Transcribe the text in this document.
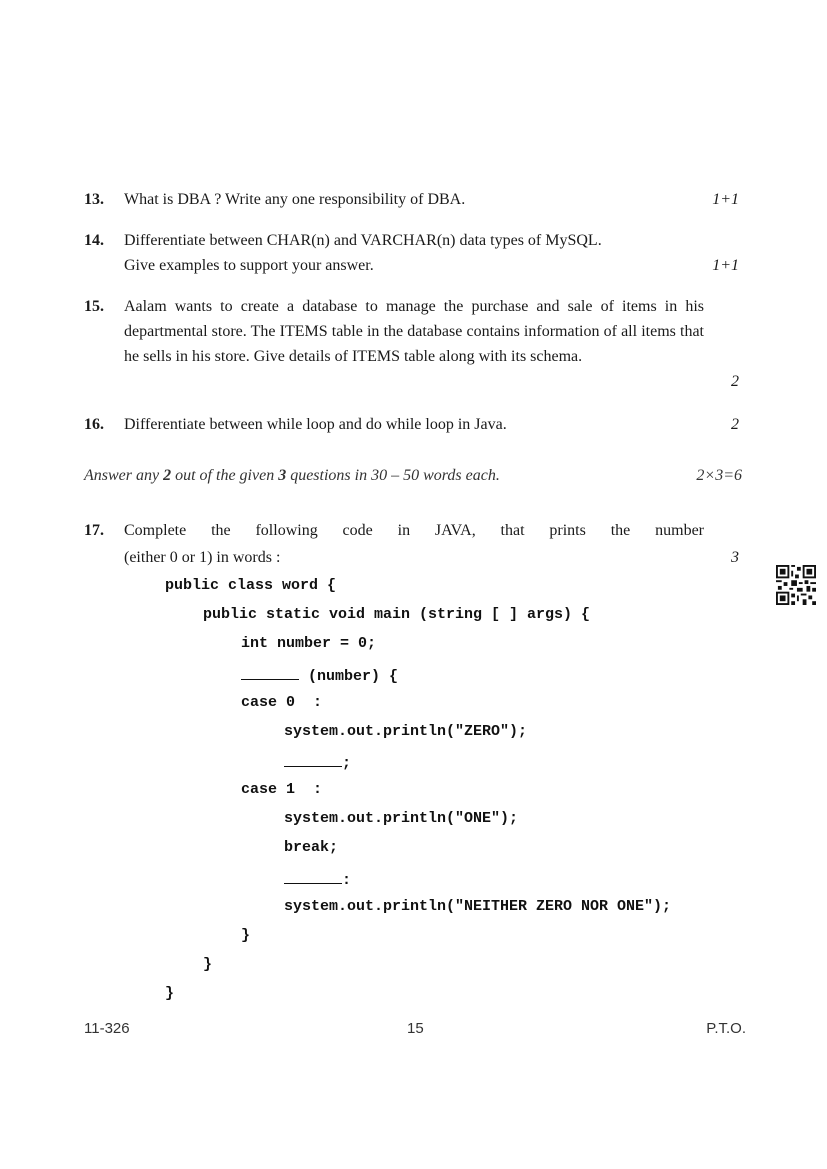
13. What is DBA ? Write any one responsibility of DBA.	1+1
14. Differentiate between CHAR(n) and VARCHAR(n) data types of MySQL.
Give examples to support your answer.	1+1
15. Aalam wants to create a database to manage the purchase and sale of items in his departmental store. The ITEMS table in the database contains information of all items that he sells in his store. Give details of ITEMS table along with its schema.
2
16. Differentiate between while loop and do while loop in Java.	2
Answer any 2 out of the given 3 questions in 30 – 50 words each.	2×3=6
17. Complete the following code in JAVA, that prints the number
(either 0 or 1) in words :	3
public class word {
public static void main (string [ ] args) {
int number = 0;
(number) {
case 0  :
system.out.println("ZERO");
;
case 1  :
system.out.println("ONE");
break;
:
system.out.println("NEITHER ZERO NOR ONE");
}
}
}
11-326	15	P.T.O.
